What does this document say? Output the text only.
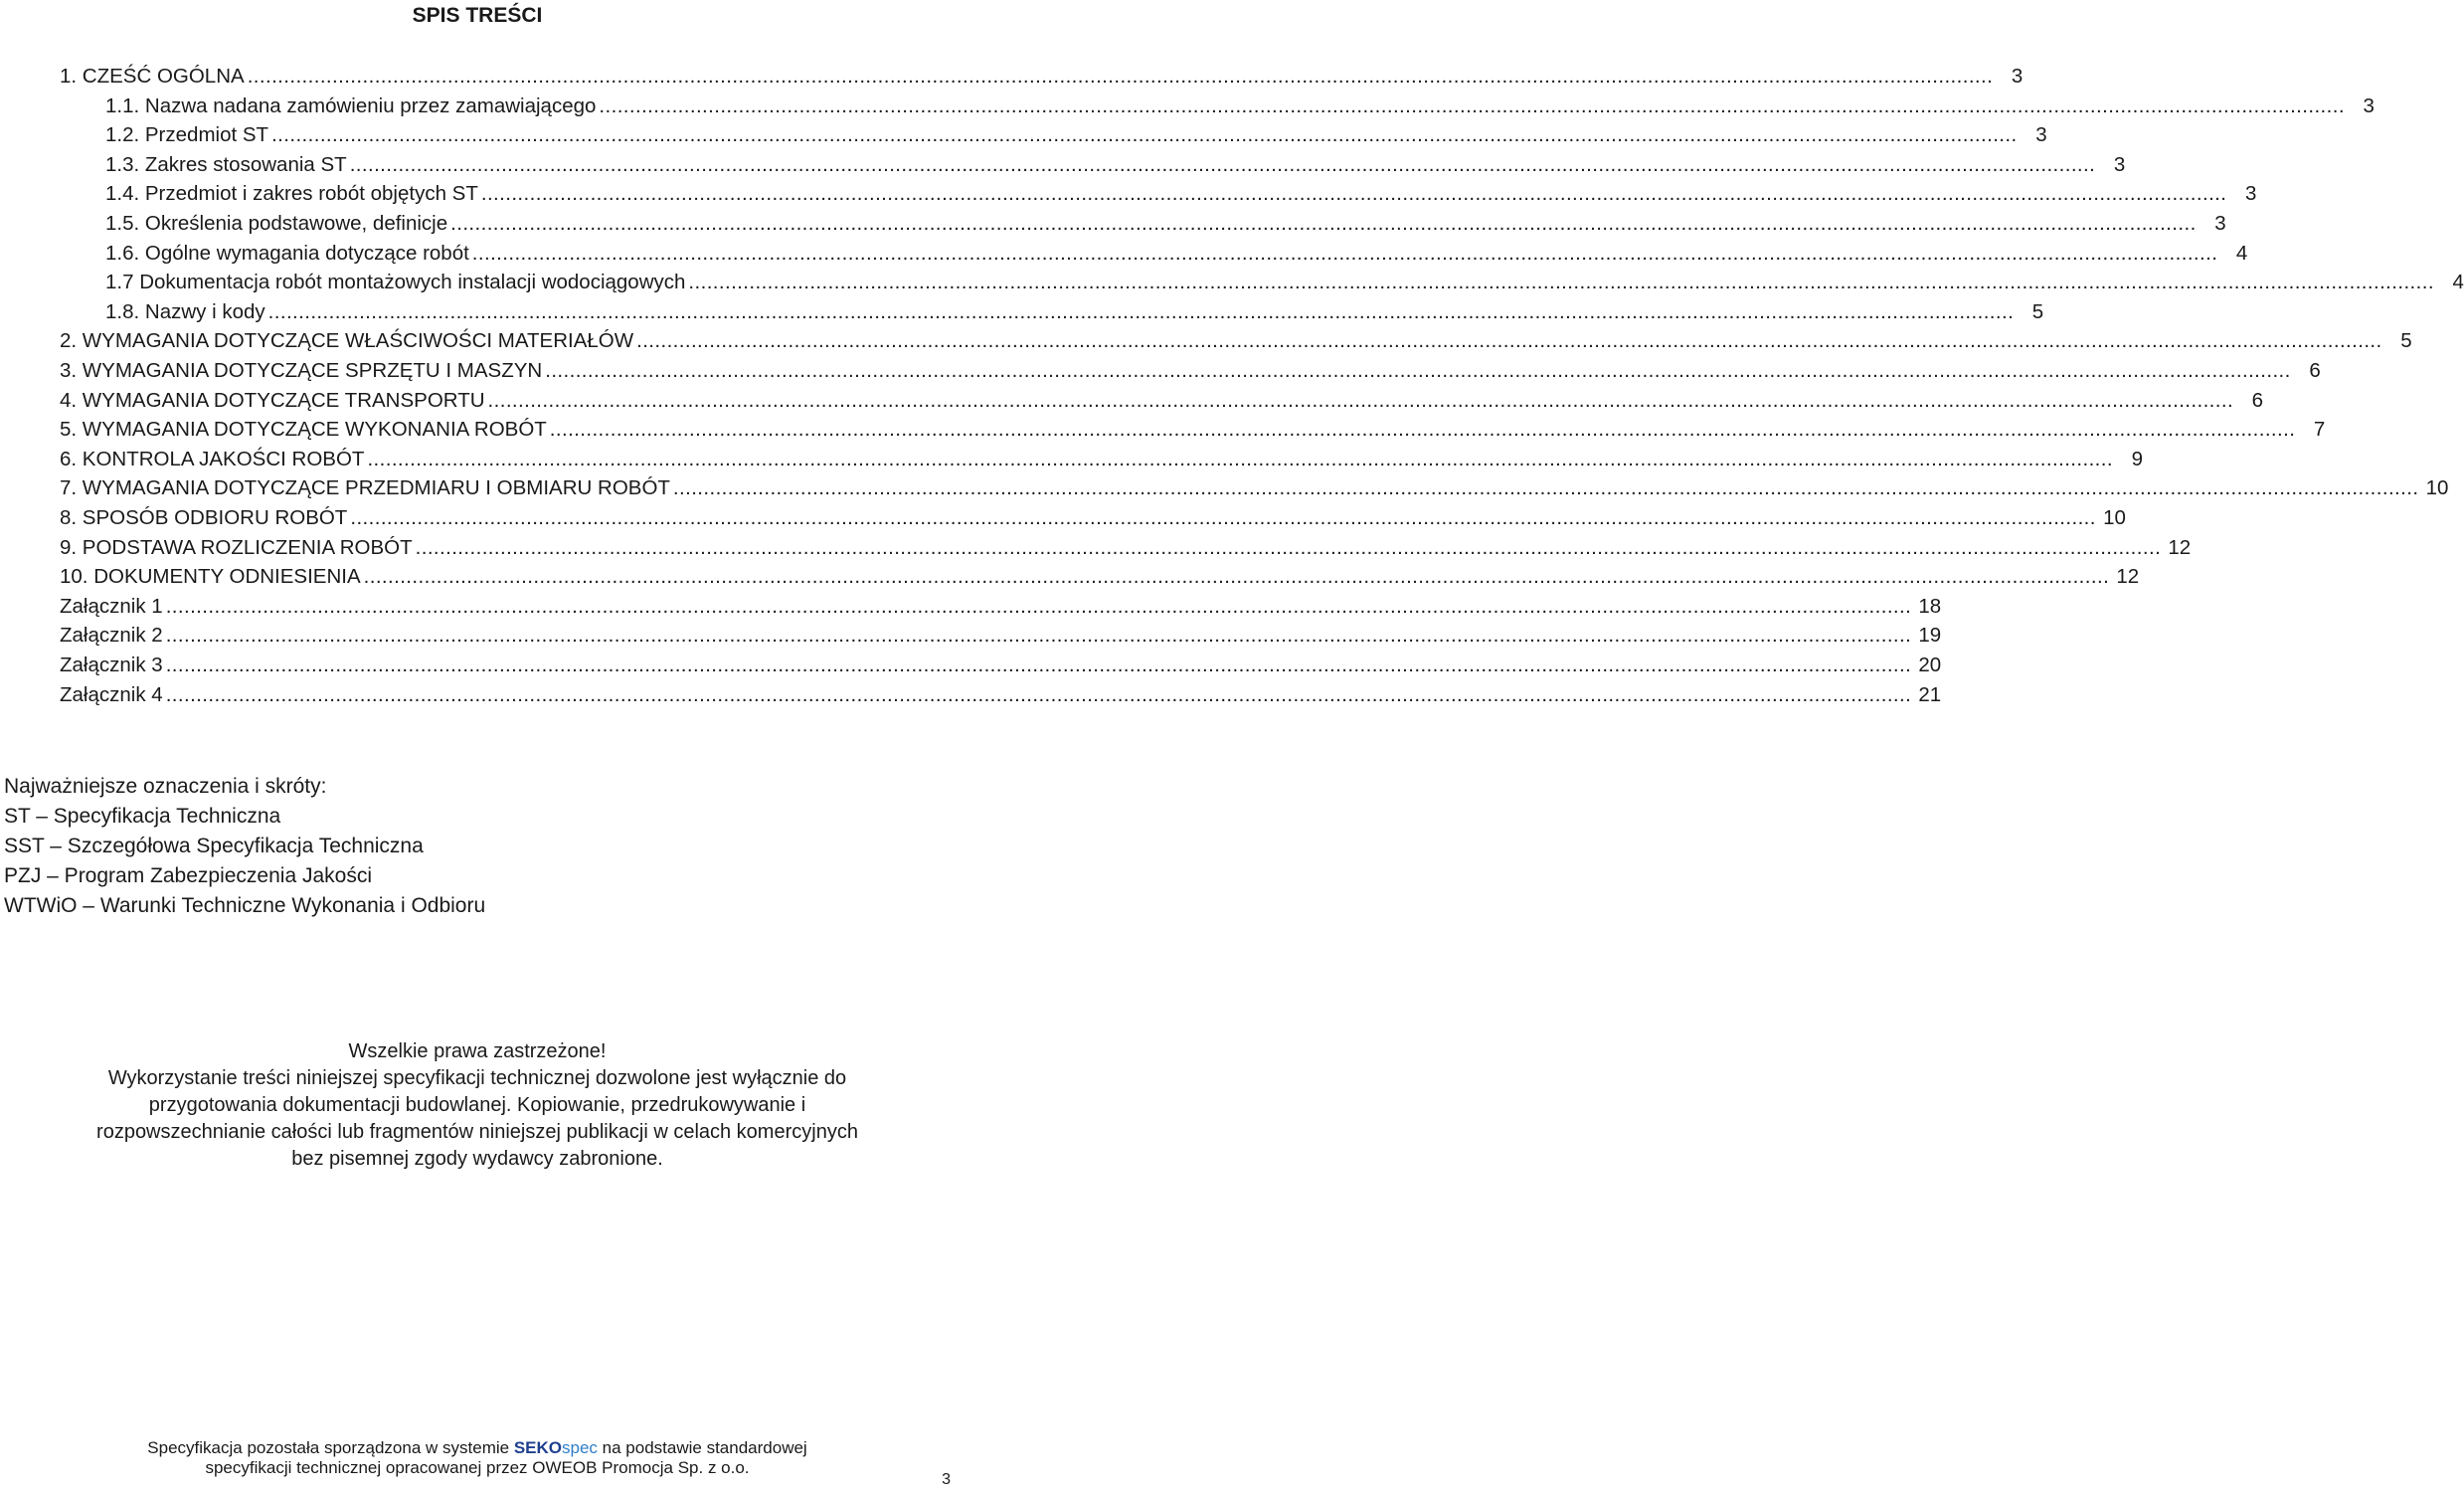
SPIS TREŚCI
1. CZEŚĆ OGÓLNA ................................................................................................................................................................................................................................................................................................ 3
1.1. Nazwa nadana zamówieniu przez zamawiającego ................................................................................................................................................................................................................................................................................................ 3
1.2. Przedmiot ST ................................................................................................................................................................................................................................................................................................ 3
1.3. Zakres stosowania ST ................................................................................................................................................................................................................................................................................................ 3
1.4. Przedmiot i zakres robót objętych ST ................................................................................................................................................................................................................................................................................................ 3
1.5. Określenia podstawowe, definicje ................................................................................................................................................................................................................................................................................................ 3
1.6. Ogólne wymagania dotyczące robót ................................................................................................................................................................................................................................................................................................ 4
1.7 Dokumentacja robót montażowych instalacji wodociągowych ................................................................................................................................................................................................................................................................................................ 4
1.8. Nazwy i kody ................................................................................................................................................................................................................................................................................................ 5
2. WYMAGANIA DOTYCZĄCE WŁAŚCIWOŚCI MATERIAŁÓW ................................................................................................................................................................................................................................................................................................ 5
3. WYMAGANIA DOTYCZĄCE SPRZĘTU I MASZYN ................................................................................................................................................................................................................................................................................................ 6
4. WYMAGANIA DOTYCZĄCE TRANSPORTU ................................................................................................................................................................................................................................................................................................ 6
5. WYMAGANIA DOTYCZĄCE WYKONANIA ROBÓT ................................................................................................................................................................................................................................................................................................ 7
6. KONTROLA JAKOŚCI ROBÓT ................................................................................................................................................................................................................................................................................................ 9
7. WYMAGANIA DOTYCZĄCE PRZEDMIARU I OBMIARU ROBÓT ................................................................................................................................................................................................................................................................................................ 10
8. SPOSÓB ODBIORU ROBÓT ................................................................................................................................................................................................................................................................................................ 10
9. PODSTAWA ROZLICZENIA ROBÓT ................................................................................................................................................................................................................................................................................................ 12
10. DOKUMENTY ODNIESIENIA ................................................................................................................................................................................................................................................................................................ 12
Załącznik 1 ................................................................................................................................................................................................................................................................................................ 18
Załącznik 2 ................................................................................................................................................................................................................................................................................................ 19
Załącznik 3 ................................................................................................................................................................................................................................................................................................ 20
Załącznik 4 ................................................................................................................................................................................................................................................................................................ 21
Najważniejsze oznaczenia i skróty:
ST – Specyfikacja Techniczna
SST – Szczegółowa Specyfikacja Techniczna
PZJ – Program Zabezpieczenia Jakości
WTWiO – Warunki Techniczne Wykonania i Odbioru
Wszelkie prawa zastrzeżone!
Wykorzystanie treści niniejszej specyfikacji technicznej dozwolone jest wyłącznie do
przygotowania dokumentacji budowlanej. Kopiowanie, przedrukowywanie i
rozpowszechnianie całości lub fragmentów niniejszej publikacji w celach komercyjnych
bez pisemnej zgody wydawcy zabronione.
Specyfikacja pozostała sporządzona w systemie SEKOspec na podstawie standardowej
specyfikacji technicznej opracowanej przez OWEOB Promocja Sp. z o.o.
3
